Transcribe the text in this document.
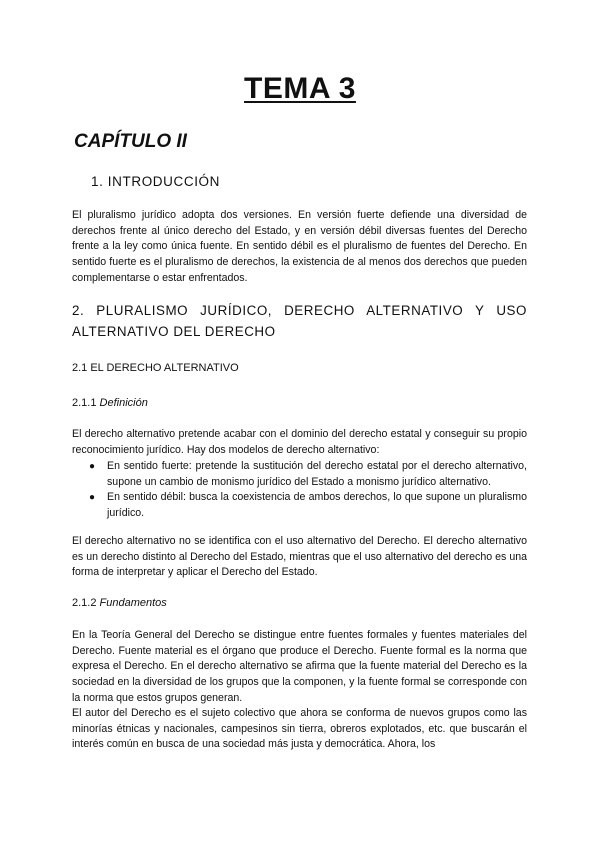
TEMA 3
CAPÍTULO II
1. INTRODUCCIÓN

El pluralismo jurídico adopta dos versiones. En versión fuerte defiende una diversidad de derechos frente al único derecho del Estado, y en versión débil diversas fuentes del Derecho frente a la ley como única fuente. En sentido débil es el pluralismo de fuentes del Derecho. En sentido fuerte es el pluralismo de derechos, la existencia de al menos dos derechos que pueden complementarse o estar enfrentados.

2. PLURALISMO JURÍDICO, DERECHO ALTERNATIVO Y USO ALTERNATIVO DEL DERECHO

2.1 EL DERECHO ALTERNATIVO
2.1.1 Definición

El derecho alternativo pretende acabar con el dominio del derecho estatal y conseguir su propio reconocimiento jurídico. Hay dos modelos de derecho alternativo:

● En sentido fuerte: pretende la sustitución del derecho estatal por el derecho alternativo, supone un cambio de monismo jurídico del Estado a monismo jurídico alternativo.
● En sentido débil: busca la coexistencia de ambos derechos, lo que supone un pluralismo jurídico.

El derecho alternativo no se identifica con el uso alternativo del Derecho. El derecho alternativo es un derecho distinto al Derecho del Estado, mientras que el uso alternativo del derecho es una forma de interpretar y aplicar el Derecho del Estado.

2.1.2 Fundamentos

En la Teoría General del Derecho se distingue entre fuentes formales y fuentes materiales del Derecho. Fuente material es el órgano que produce el Derecho. Fuente formal es la norma que expresa el Derecho. En el derecho alternativo se afirma que la fuente material del Derecho es la sociedad en la diversidad de los grupos que la componen, y la fuente formal se corresponde con la norma que estos grupos generan.

El autor del Derecho es el sujeto colectivo que ahora se conforma de nuevos grupos como las minorías étnicas y nacionales, campesinos sin tierra, obreros explotados, etc. que buscarán el interés común en busca de una sociedad más justa y democrática. Ahora, los
